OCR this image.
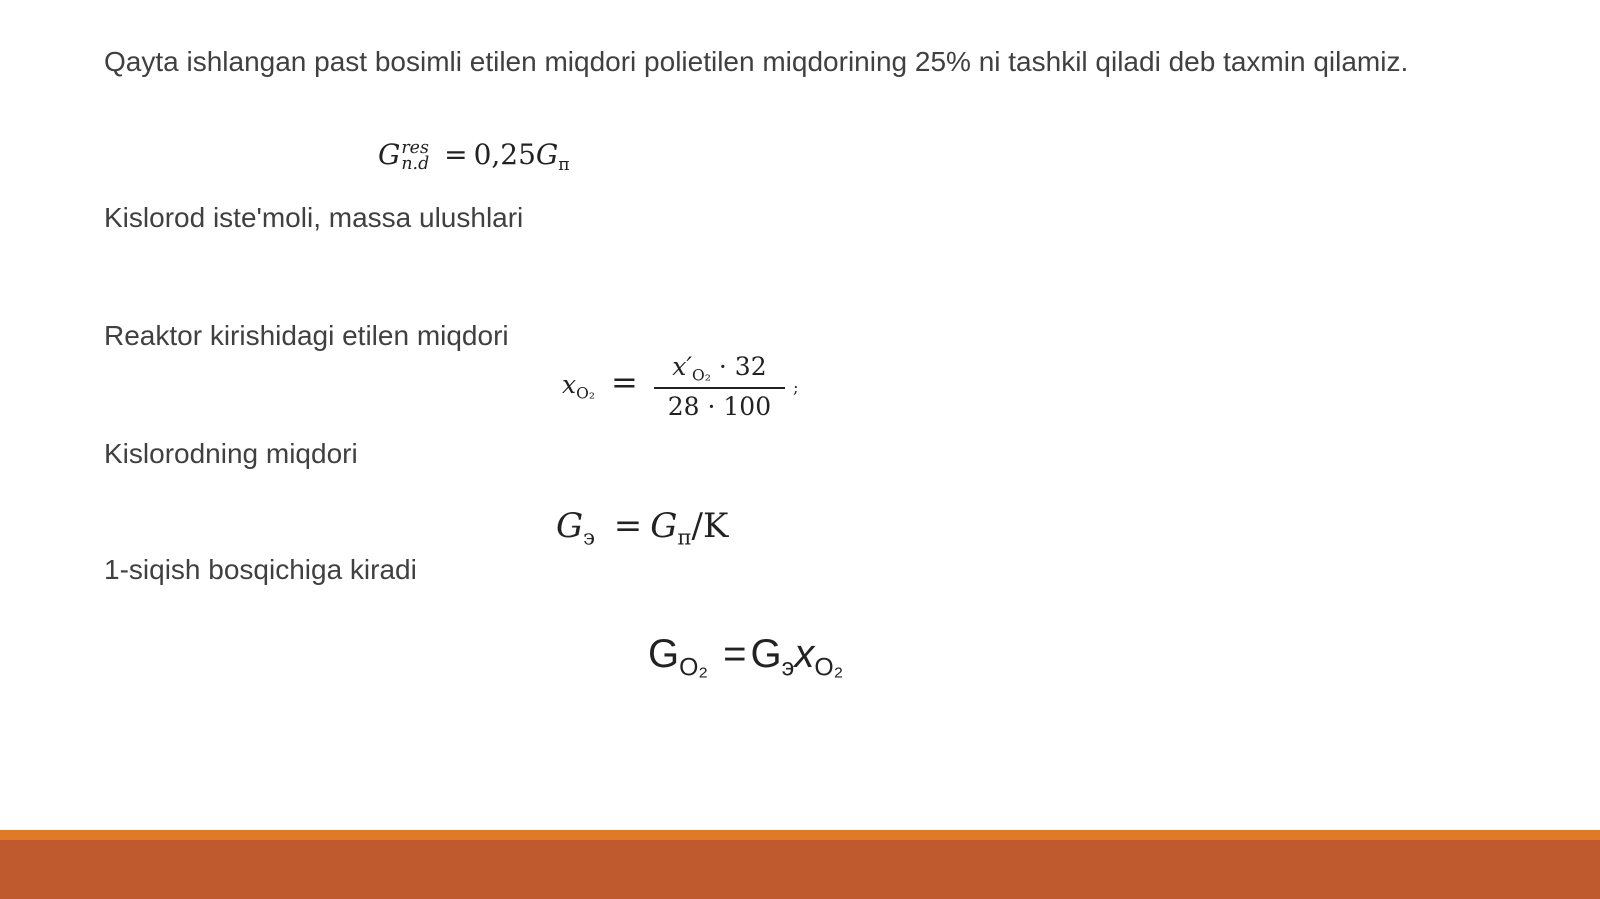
Qayta ishlangan past bosimli etilen miqdori polietilen miqdorining 25% ni tashkil qiladi deb taxmin qilamiz.

G res
$n.d = 0,25G_п$

Kislorod iste'moli, massa ulushlari

Reaktor kirishidagi etilen miqdori

$x_{O_2} = \frac{x'_{O_2} \cdot 32}{28 \cdot 100}$ ;

Kislorodning miqdori

$G_э = G_п/K$

1-siqish bosqichiga kiradi

$G_{O_2} = G_эx_{O_2}$
